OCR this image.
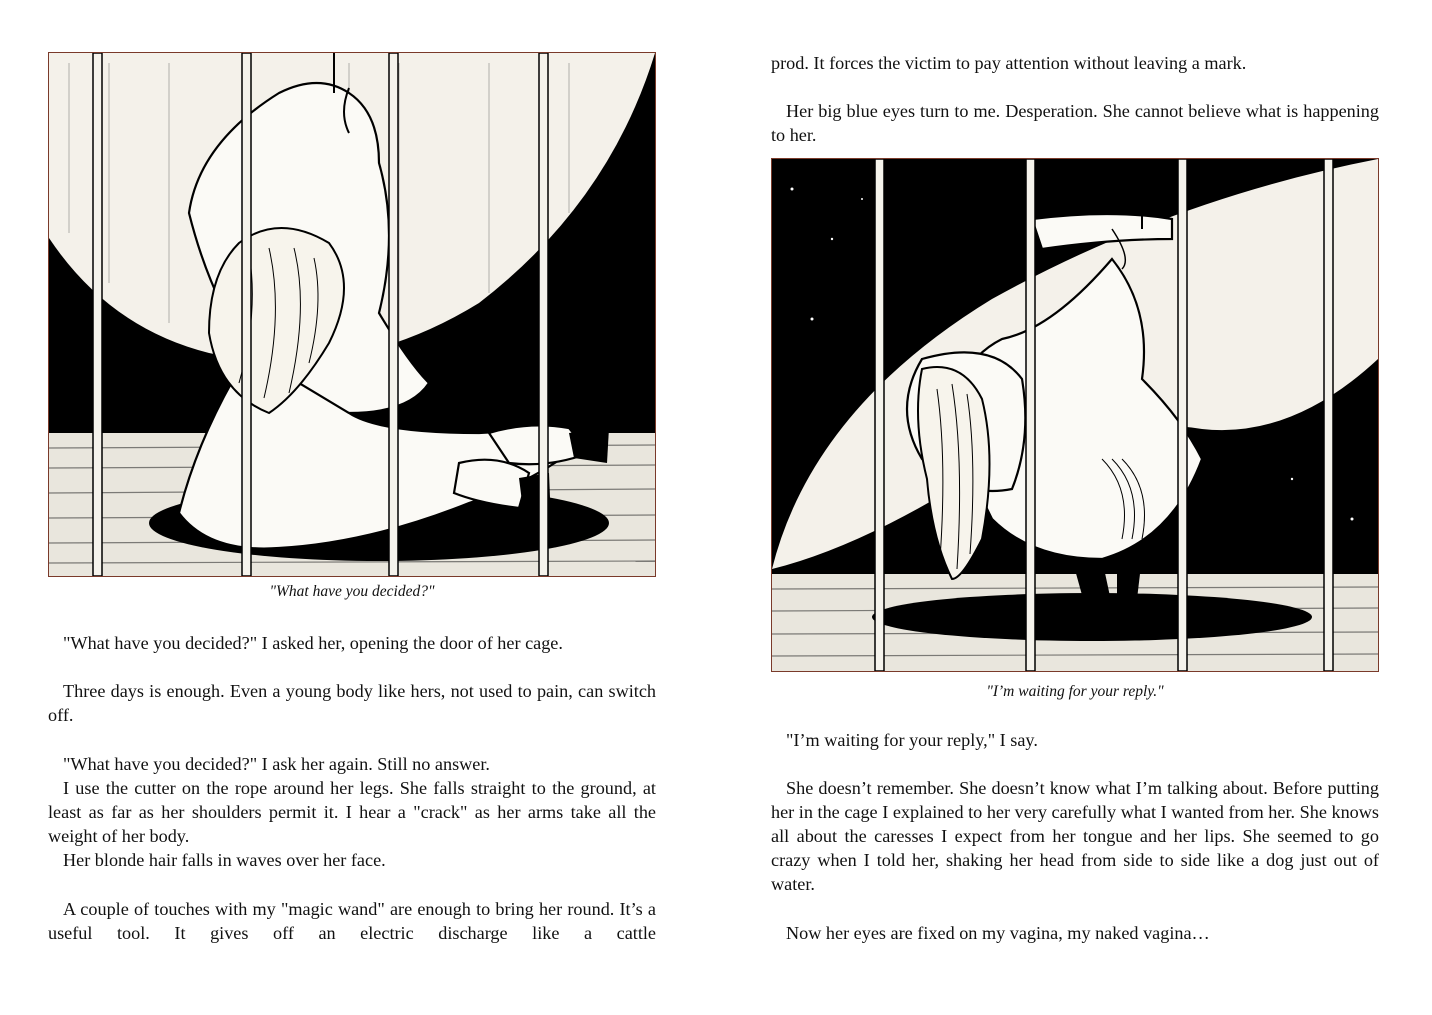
"What have you decided?"

"What have you decided?" I asked her, opening the door of her cage.

Three days is enough. Even a young body like hers, not used to pain, can switch off.

"What have you decided?" I ask her again. Still no answer.

I use the cutter on the rope around her legs. She falls straight to the ground, at least as far as her shoulders permit it. I hear a "crack" as her arms take all the weight of her body.

Her blonde hair falls in waves over her face.

A couple of touches with my "magic wand" are enough to bring her round. It’s a useful tool. It gives off an electric discharge like a cattle

prod. It forces the victim to pay attention without leaving a mark.

Her big blue eyes turn to me. Desperation. She cannot believe what is happening to her.

"I’m waiting for your reply."

"I’m waiting for your reply," I say.

She doesn’t remember. She doesn’t know what I’m talking about. Before putting her in the cage I explained to her very carefully what I wanted from her. She knows all about the caresses I expect from her tongue and her lips. She seemed to go crazy when I told her, shaking her head from side to side like a dog just out of water.

Now her eyes are fixed on my vagina, my naked vagina…
